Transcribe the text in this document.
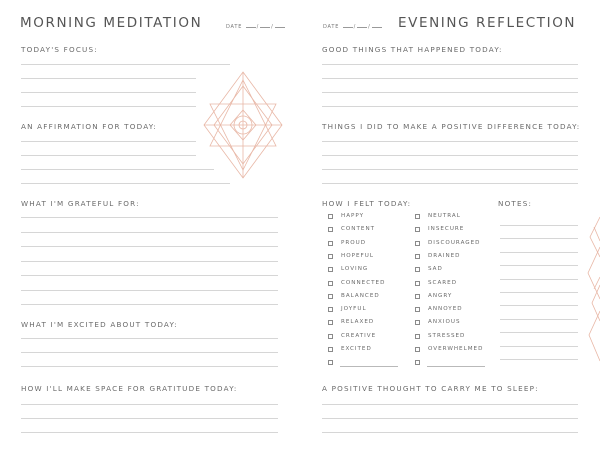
MORNING MEDITATION	DATE	/ /
TODAY'S FOCUS:
AN AFFIRMATION FOR TODAY:
WHAT I'M GRATEFUL FOR:
WHAT I'M EXCITED ABOUT TODAY:
HOW I'LL MAKE SPACE FOR GRATITUDE TODAY:
DATE	/ /	EVENING REFLECTION
GOOD THINGS THAT HAPPENED TODAY:
THINGS I DID TO MAKE A POSITIVE DIFFERENCE TODAY:
HOW I FELT TODAY:	NOTES:
A POSITIVE THOUGHT TO CARRY ME TO SLEEP:
HAPPY
CONTENT
PROUD
HOPEFUL
LOVING
CONNECTED
BALANCED
JOYFUL
RELAXED
CREATIVE
EXCITED
NEUTRAL
INSECURE
DISCOURAGED
DRAINED
SAD
SCARED
ANGRY
ANNOYED
ANXIOUS
STRESSED
OVERWHELMED
